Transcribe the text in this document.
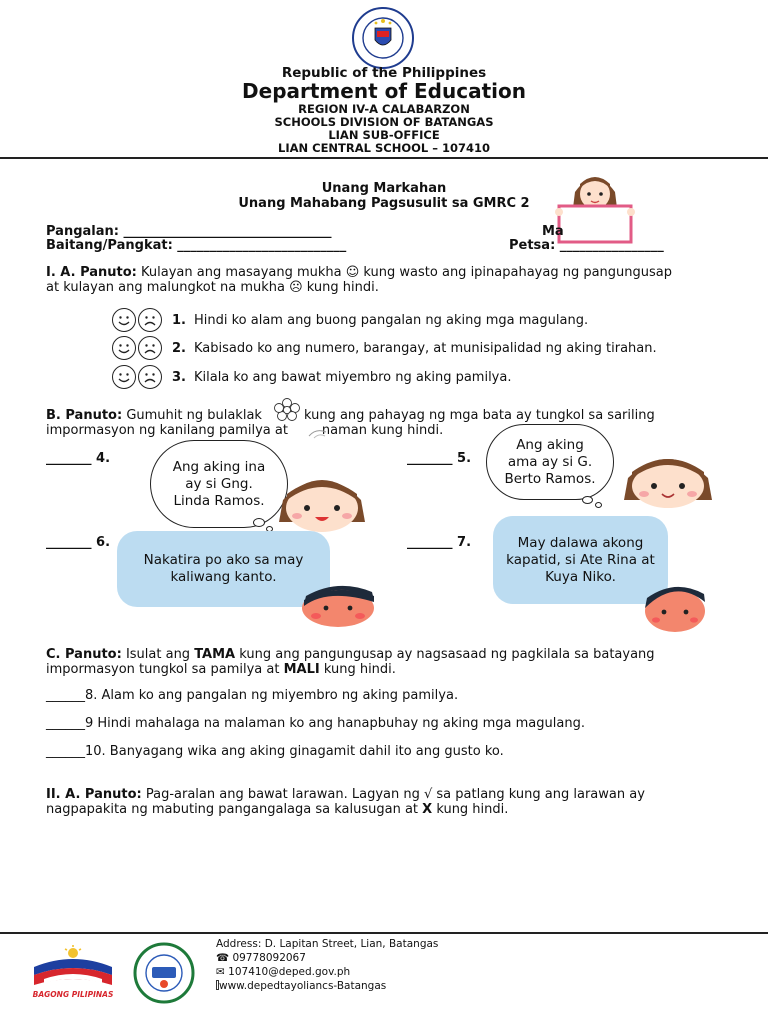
Republic of the Philippines
Department of Education
REGION IV-A CALABARZON
SCHOOLS DIVISION OF BATANGAS
LIAN SUB-OFFICE
LIAN CENTRAL SCHOOL – 107410
Unang Markahan
Unang Mahabang Pagsusulit sa GMRC 2
Pangalan: ________________________________	Ma
Baitang/Pangkat: __________________________	Petsa: ________________
I. A. Panuto: Kulayan ang masayang mukha ☺ kung wasto ang ipinapahayag ng pangungusap
at kulayan ang malungkot na mukha ☹ kung hindi.
1. Hindi ko alam ang buong pangalan ng aking mga magulang.
2. Kabisado ko ang numero, barangay, at munisipalidad ng aking tirahan.
3. Kilala ko ang bawat miyembro ng aking pamilya.
B. Panuto: Gumuhit ng bulaklak	kung ang pahayag ng mga bata ay tungkol sa sariling
impormasyon ng kanilang pamilya at	naman kung hindi.
_______ 4.	_______ 5.
_______ 6.	_______ 7.
Ang aking ina ay si Gng. Linda Ramos.
Ang aking ama ay si G. Berto Ramos.
Nakatira po ako sa may kaliwang kanto.
May dalawa akong kapatid, si Ate Rina at Kuya Niko.
C. Panuto: Isulat ang TAMA kung ang pangungusap ay nagsasaad ng pagkilala sa batayang
impormasyon tungkol sa pamilya at MALI kung hindi.
______8. Alam ko ang pangalan ng miyembro ng aking pamilya.
______9 Hindi mahalaga na malaman ko ang hanapbuhay ng aking mga magulang.
______10. Banyagang wika ang aking ginagamit dahil ito ang gusto ko.
II. A. Panuto: Pag-aralan ang bawat larawan. Lagyan ng √ sa patlang kung ang larawan ay
nagpapakita ng mabuting pangangalaga sa kalusugan at X kung hindi.
BAGONG PILIPINAS
Address: D. Lapitan Street, Lian, Batangas
☎ 09778092067
✉ 107410@deped.gov.ph
www.depedtayoliancs-Batangas
